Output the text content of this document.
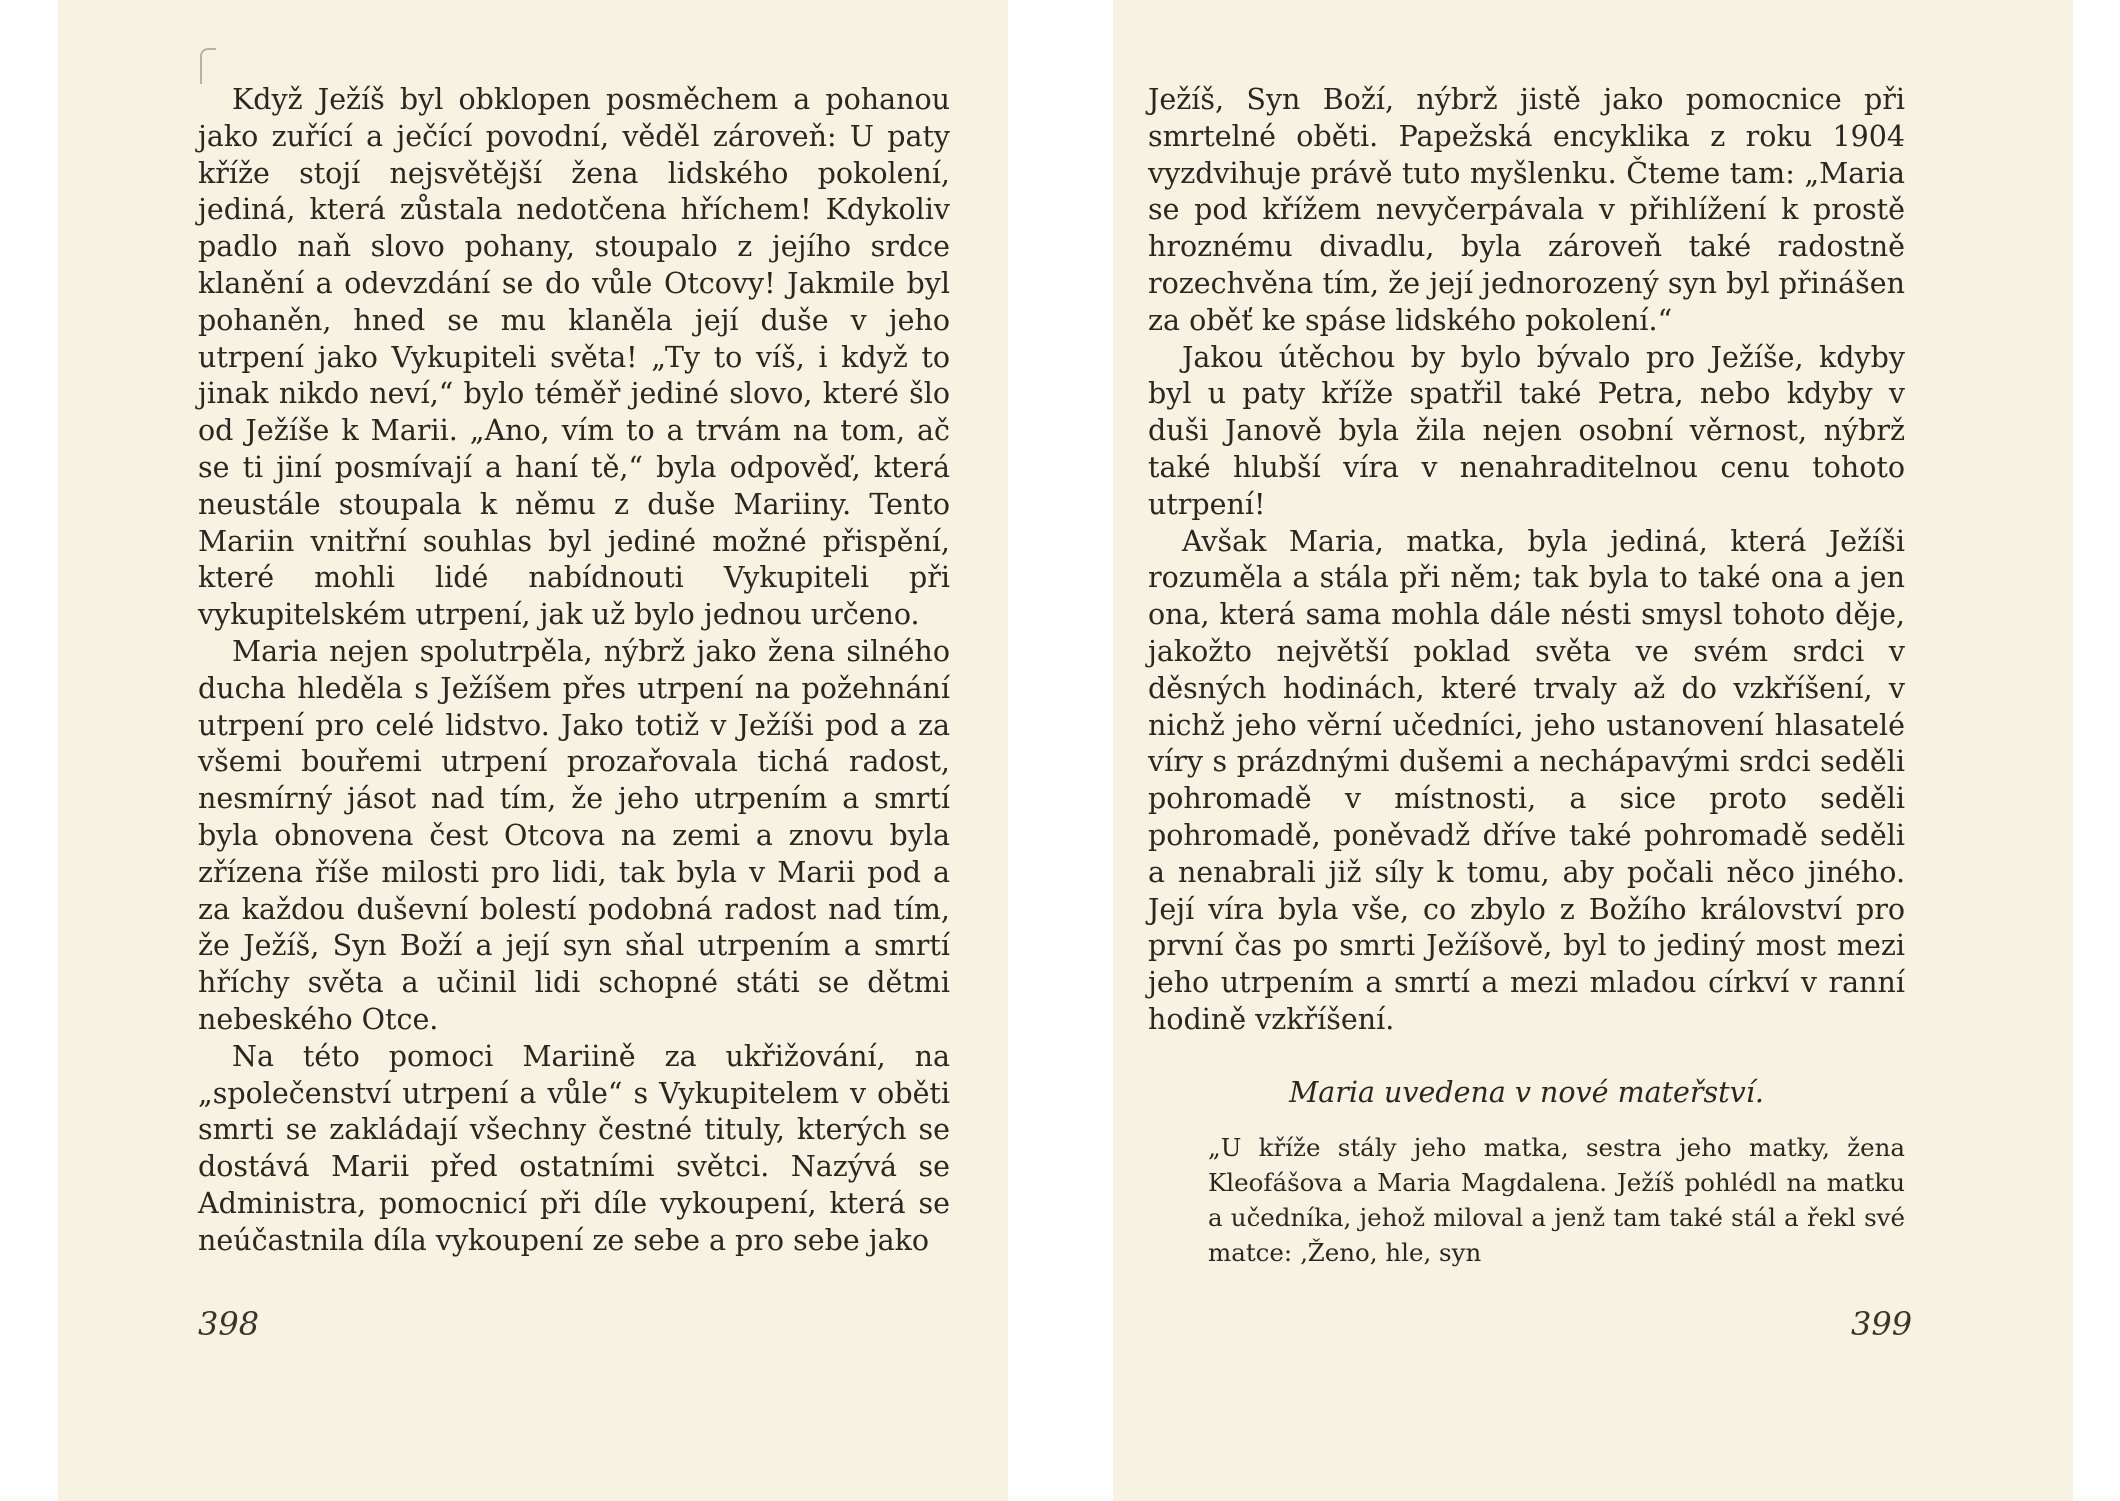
Když Ježíš byl obklopen posměchem a pohanou jako zuřící a ječící povodní, věděl zároveň: U paty kříže stojí nejsvětější žena lidského pokolení, jediná, která zůstala nedotčena hříchem! Kdykoliv padlo naň slovo pohany, stoupalo z jejího srdce klanění a odevzdání se do vůle Otcovy! Jakmile byl pohaněn, hned se mu klaněla její duše v jeho utrpení jako Vykupiteli světa! „Ty to víš, i když to jinak nikdo neví,“ bylo téměř jediné slovo, které šlo od Ježíše k Marii. „Ano, vím to a trvám na tom, ač se ti jiní posmívají a haní tě,“ byla odpověď, která neustále stoupala k němu z duše Mariiny. Tento Mariin vnitřní souhlas byl jediné možné přispění, které mohli lidé nabídnouti Vykupiteli při vykupitelském utrpení, jak už bylo jednou určeno.

Maria nejen spolutrpěla, nýbrž jako žena silného ducha hleděla s Ježíšem přes utrpení na požehnání utrpení pro celé lidstvo. Jako totiž v Ježíši pod a za všemi bouřemi utrpení prozařovala tichá radost, nesmírný jásot nad tím, že jeho utrpením a smrtí byla obnovena čest Otcova na zemi a znovu byla zřízena říše milosti pro lidi, tak byla v Marii pod a za každou duševní bolestí podobná radost nad tím, že Ježíš, Syn Boží a její syn sňal utrpením a smrtí hříchy světa a učinil lidi schopné státi se dětmi nebeského Otce.

Na této pomoci Mariině za ukřižování, na „společenství utrpení a vůle“ s Vykupitelem v oběti smrti se zakládají všechny čestné tituly, kterých se dostává Marii před ostatními světci. Nazývá se Administra, pomocnicí při díle vykoupení, která se neúčastnila díla vykoupení ze sebe a pro sebe jako

398

Ježíš, Syn Boží, nýbrž jistě jako pomocnice při smrtelné oběti. Papežská encyklika z roku 1904 vyzdvihuje právě tuto myšlenku. Čteme tam: „Maria se pod křížem nevyčerpávala v přihlížení k prostě hroznému divadlu, byla zároveň také radostně rozechvěna tím, že její jednorozený syn byl přinášen za oběť ke spáse lidského pokolení.“

Jakou útěchou by bylo bývalo pro Ježíše, kdyby byl u paty kříže spatřil také Petra, nebo kdyby v duši Janově byla žila nejen osobní věrnost, nýbrž také hlubší víra v nenahraditelnou cenu tohoto utrpení!

Avšak Maria, matka, byla jediná, která Ježíši rozuměla a stála při něm; tak byla to také ona a jen ona, která sama mohla dále nésti smysl tohoto děje, jakožto největší poklad světa ve svém srdci v děsných hodinách, které trvaly až do vzkříšení, v nichž jeho věrní učedníci, jeho ustanovení hlasatelé víry s prázdnými dušemi a nechápavými srdci seděli pohromadě v místnosti, a sice proto seděli pohromadě, poněvadž dříve také pohromadě seděli a nenabrali již síly k tomu, aby počali něco jiného. Její víra byla vše, co zbylo z Božího království pro první čas po smrti Ježíšově, byl to jediný most mezi jeho utrpením a smrtí a mezi mladou církví v ranní hodině vzkříšení.

Maria uvedena v nové mateřství.

„U kříže stály jeho matka, sestra jeho matky, žena Kleofášova a Maria Magdalena. Ježíš pohlédl na matku a učedníka, jehož miloval a jenž tam také stál a řekl své matce: ‚Ženo, hle, syn

399
